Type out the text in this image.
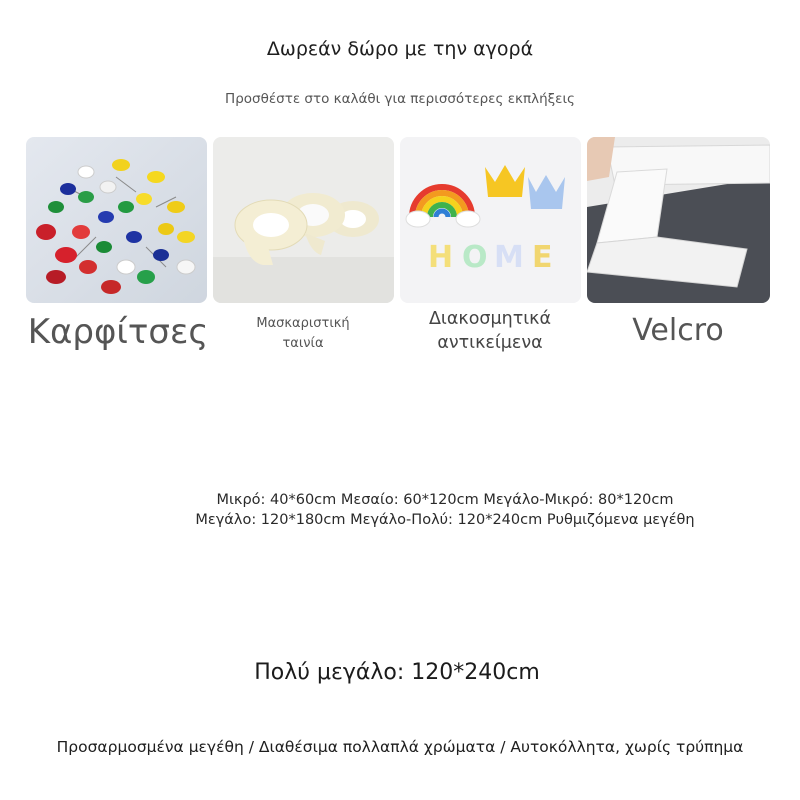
Δωρεάν δώρο με την αγορά
Προσθέστε στο καλάθι για περισσότερες εκπλήξεις
H O M E
Καρφίτσες	Μασκαριστική
ταινία
Διακοσμητικά
αντικείμενα	Velcro
Μικρό: 40*60cm Μεσαίο: 60*120cm Μεγάλο-Μικρό: 80*120cm
Μεγάλο: 120*180cm Μεγάλο-Πολύ: 120*240cm Ρυθμιζόμενα μεγέθη
Πολύ μεγάλο: 120*240cm
Προσαρμοσμένα μεγέθη / Διαθέσιμα πολλαπλά χρώματα / Αυτοκόλλητα, χωρίς τρύπημα
